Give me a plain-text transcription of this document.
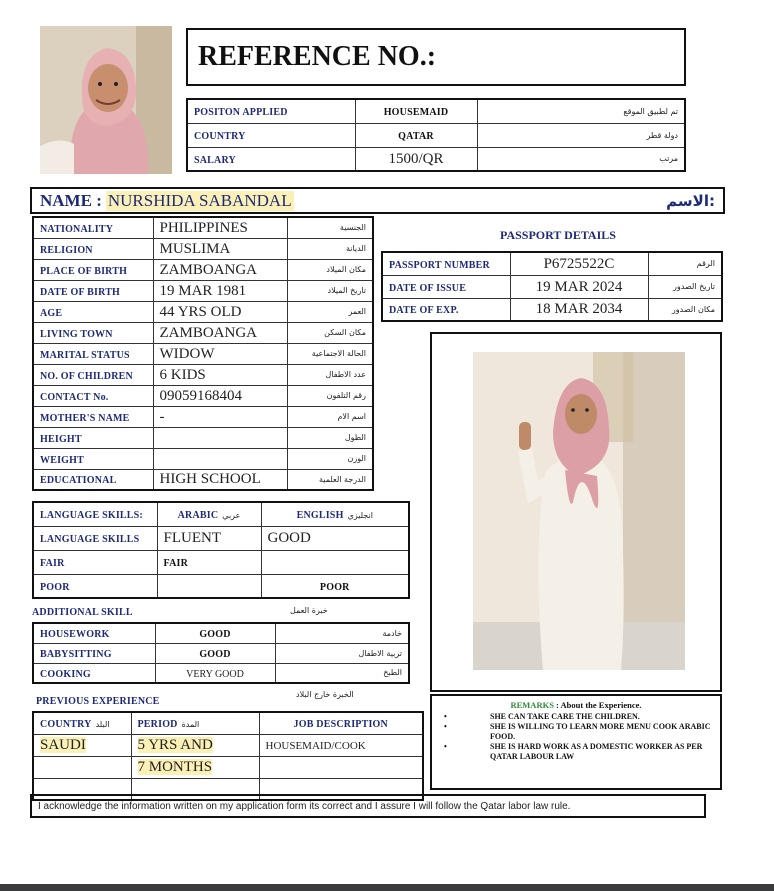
REFERENCE NO.:
POSITON APPLIED	HOUSEMAID	تم لطبيق الموقع

COUNTRY	QATAR	دولة قطر

SALARY	1500/QR	مرتب
NAME : NURSHIDA SABANDAL	الاسم:
NATIONALITY	PHILIPPINES	الجنسية

RELIGION	MUSLIMA	الديانة

PLACE OF BIRTH	ZAMBOANGA	مكان الميلاد

DATE OF BIRTH	19 MAR 1981	تاريخ الميلاد

AGE	44 YRS OLD	العمر

LIVING TOWN	ZAMBOANGA	مكان السكن

MARITAL STATUS	WIDOW	الحالة الاجتماعية

NO. OF CHILDREN	6 KIDS	عدد الاطفال

CONTACT No.	09059168404	رقم التلفون

MOTHER'S NAME	-	اسم الام

HEIGHT		الطول

WEIGHT		الوزن

EDUCATIONAL	HIGH SCHOOL	الدرجة العلمية
PASSPORT DETAILS
PASSPORT NUMBER	P6725522C	الرقم

DATE OF ISSUE	19 MAR 2024	تاريخ الصدور

DATE OF EXP.	18 MAR 2034	مكان الصدور
LANGUAGE SKILLS:	ARABIC عربي	ENGLISH انجليزي
LANGUAGE SKILLS	FLUENT	GOOD
FAIR	FAIR	
POOR		POOR
ADDITIONAL SKILL	خبرة العمل
HOUSEWORK	GOOD	خادمة

BABYSITTING	GOOD	تربية الاطفال

COOKING	VERY GOOD	الطبخ
PREVIOUS EXPERIENCE
الخبرة خارج البلاد
COUNTRY البلد	PERIOD المدة	JOB DESCRIPTION
SAUDI	5 YRS AND	HOUSEMAID/COOK
	7 MONTHS	

REMARKS : About the Experience.
• SHE CAN TAKE CARE THE CHILDREN.
• SHE IS WILLING TO LEARN MORE MENU COOK ARABIC FOOD.
• SHE IS HARD WORK AS A DOMESTIC WORKER AS PER QATAR LABOUR LAW
I acknowledge the information written on my application form its correct and I assure I will follow the Qatar labor law rule.
